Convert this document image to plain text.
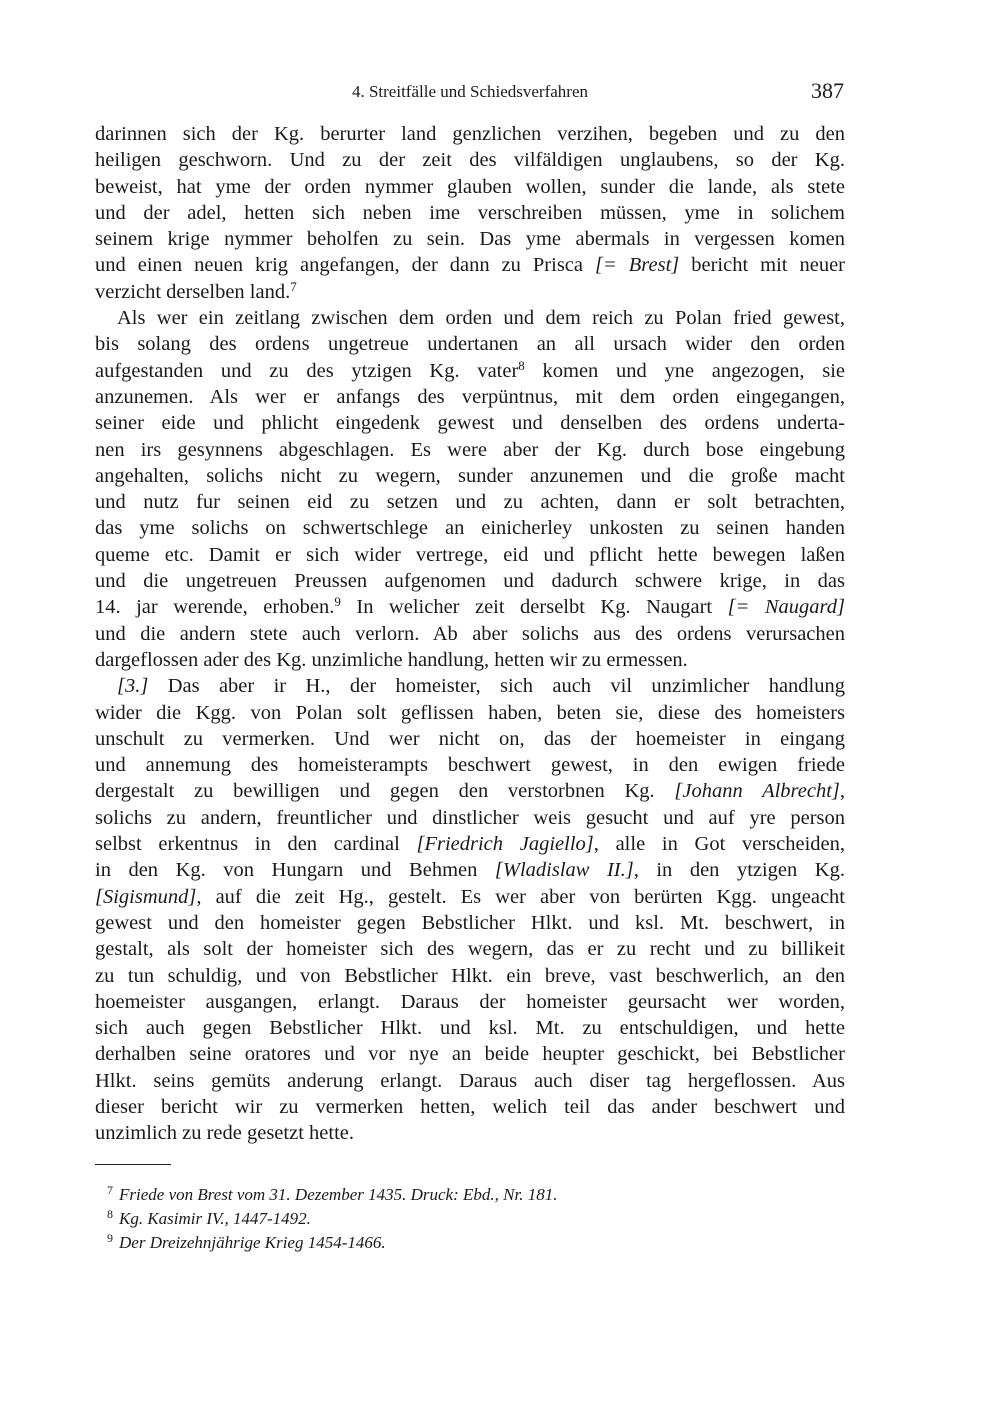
4. Streitfälle und Schiedsverfahren	387
darinnen sich der Kg. berurter land genzlichen verzihen, begeben und zu den
heiligen geschworn. Und zu der zeit des vilfäldigen unglaubens, so der Kg.
beweist, hat yme der orden nymmer glauben wollen, sunder die lande, als stete
und der adel, hetten sich neben ime verschreiben müssen, yme in solichem
seinem krige nymmer beholfen zu sein. Das yme abermals in vergessen komen
und einen neuen krig angefangen, der dann zu Prisca [= Brest] bericht mit neuer
verzicht derselben land.$^7$
Als wer ein zeitlang zwischen dem orden und dem reich zu Polan fried gewest,
bis solang des ordens ungetreue undertanen an all ursach wider den orden
aufgestanden und zu des ytzigen Kg. vater$^8$ komen und yne angezogen, sie
anzunemen. Als wer er anfangs des verpüntnus, mit dem orden eingegangen,
seiner eide und phlicht eingedenk gewest und denselben des ordens underta-
nen irs gesynnens abgeschlagen. Es were aber der Kg. durch bose eingebung
angehalten, solichs nicht zu wegern, sunder anzunemen und die große macht
und nutz fur seinen eid zu setzen und zu achten, dann er solt betrachten,
das yme solichs on schwertschlege an einicherley unkosten zu seinen handen
queme etc. Damit er sich wider vertrege, eid und pflicht hette bewegen laßen
und die ungetreuen Preussen aufgenomen und dadurch schwere krige, in das
14. jar werende, erhoben.$^9$ In welicher zeit derselbt Kg. Naugart [= Naugard]
und die andern stete auch verlorn. Ab aber solichs aus des ordens verursachen
dargeflossen ader des Kg. unzimliche handlung, hetten wir zu ermessen.
[3.] Das aber ir H., der homeister, sich auch vil unzimlicher handlung
wider die Kgg. von Polan solt geflissen haben, beten sie, diese des homeisters
unschult zu vermerken. Und wer nicht on, das der hoemeister in eingang
und annemung des homeisterampts beschwert gewest, in den ewigen friede
dergestalt zu bewilligen und gegen den verstorbnen Kg. [Johann Albrecht],
solichs zu andern, freuntlicher und dinstlicher weis gesucht und auf yre person
selbst erkentnus in den cardinal [Friedrich Jagiello], alle in Got verscheiden,
in den Kg. von Hungarn und Behmen [Wladislaw II.], in den ytzigen Kg.
[Sigismund], auf die zeit Hg., gestelt. Es wer aber von berürten Kgg. ungeacht
gewest und den homeister gegen Bebstlicher Hlkt. und ksl. Mt. beschwert, in
gestalt, als solt der homeister sich des wegern, das er zu recht und zu billikeit
zu tun schuldig, und von Bebstlicher Hlkt. ein breve, vast beschwerlich, an den
hoemeister ausgangen, erlangt. Daraus der homeister geursacht wer worden,
sich auch gegen Bebstlicher Hlkt. und ksl. Mt. zu entschuldigen, und hette
derhalben seine oratores und vor nye an beide heupter geschickt, bei Bebstlicher
Hlkt. seins gemüts anderung erlangt. Daraus auch diser tag hergeflossen. Aus
dieser bericht wir zu vermerken hetten, welich teil das ander beschwert und
unzimlich zu rede gesetzt hette.
$^7$ Friede von Brest vom 31. Dezember 1435. Druck: Ebd., Nr. 181.
$^8$ Kg. Kasimir IV., 1447-1492.
$^9$ Der Dreizehnjährige Krieg 1454-1466.
